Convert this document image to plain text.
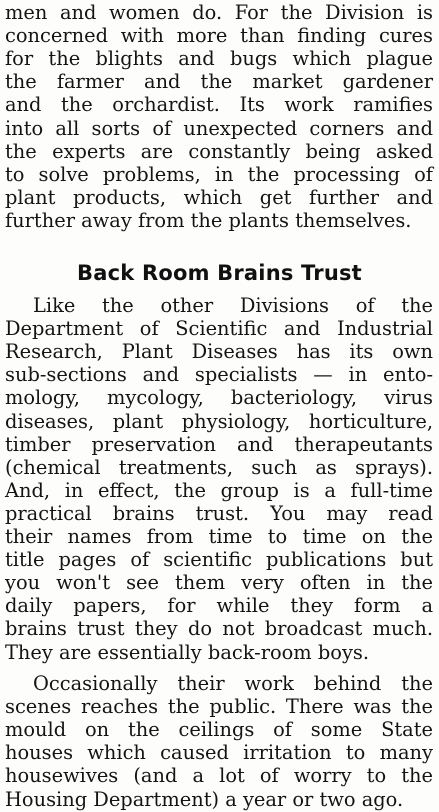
men and women do. For the Division is
concerned with more than finding cures
for the blights and bugs which plague
the farmer and the market gardener
and the orchardist. Its work ramifies
into all sorts of unexpected corners and
the experts are constantly being asked
to solve problems, in the processing of
plant products, which get further and
further away from the plants themselves.
Back Room Brains Trust
Like the other Divisions of the
Department of Scientific and Industrial
Research, Plant Diseases has its own
sub-sections and specialists — in ento-
mology, mycology, bacteriology, virus
diseases, plant physiology, horticulture,
timber preservation and therapeutants
(chemical treatments, such as sprays).
And, in effect, the group is a full-time
practical brains trust. You may read
their names from time to time on the
title pages of scientific publications but
you won't see them very often in the
daily papers, for while they form a
brains trust they do not broadcast much.
They are essentially back-room boys.
Occasionally their work behind the
scenes reaches the public. There was the
mould on the ceilings of some State
houses which caused irritation to many
housewives (and a lot of worry to the
Housing Department) a year or two ago.
